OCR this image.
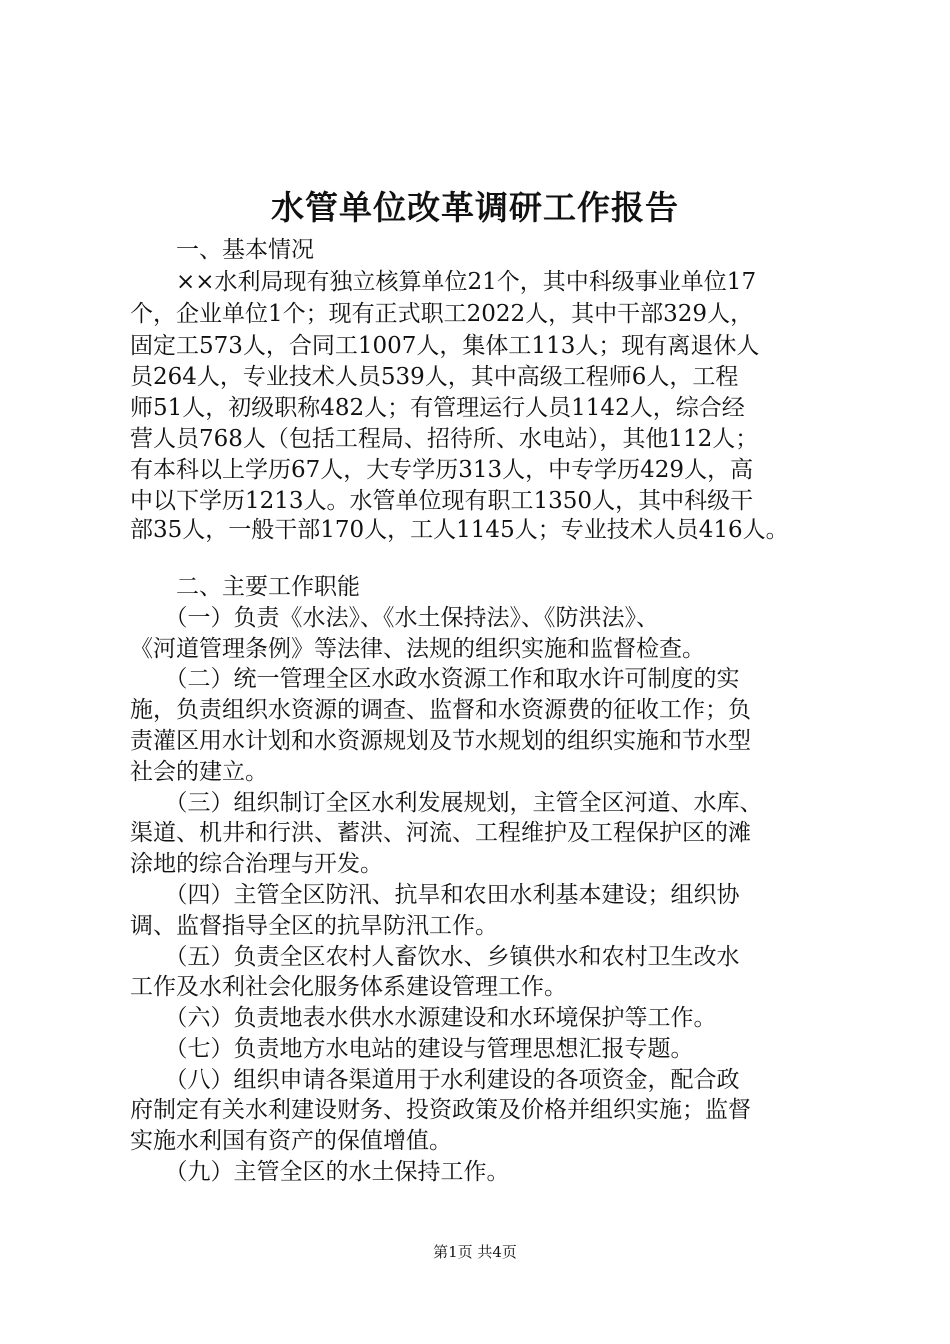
水管单位改革调研工作报告

　　一、基本情况

　　××水利局现有独立核算单位21个，其中科级事业单位17

个，企业单位1个；现有正式职工2022人，其中干部329人，

固定工573人，合同工1007人，集体工113人；现有离退休人

员264人，专业技术人员539人，其中高级工程师6人，工程

师51人，初级职称482人；有管理运行人员1142人，综合经

营人员768人（包括工程局、招待所、水电站），其他112人；

有本科以上学历67人，大专学历313人，中专学历429人，高

中以下学历1213人。水管单位现有职工1350人，其中科级干

部35人，一般干部170人，工人1145人；专业技术人员416人。

　　二、主要工作职能

　　（一）负责《水法》、《水土保持法》、《防洪法》、

《河道管理条例》等法律、法规的组织实施和监督检查。

　　（二）统一管理全区水政水资源工作和取水许可制度的实

施，负责组织水资源的调查、监督和水资源费的征收工作；负

责灌区用水计划和水资源规划及节水规划的组织实施和节水型

社会的建立。

　　（三）组织制订全区水利发展规划，主管全区河道、水库、

渠道、机井和行洪、蓄洪、河流、工程维护及工程保护区的滩

涂地的综合治理与开发。

　　（四）主管全区防汛、抗旱和农田水利基本建设；组织协

调、监督指导全区的抗旱防汛工作。

　　（五）负责全区农村人畜饮水、乡镇供水和农村卫生改水

工作及水利社会化服务体系建设管理工作。

　　（六）负责地表水供水水源建设和水环境保护等工作。

　　（七）负责地方水电站的建设与管理思想汇报专题。

　　（八）组织申请各渠道用于水利建设的各项资金，配合政

府制定有关水利建设财务、投资政策及价格并组织实施；监督

实施水利国有资产的保值增值。

　　（九）主管全区的水土保持工作。

第1页 共4页
